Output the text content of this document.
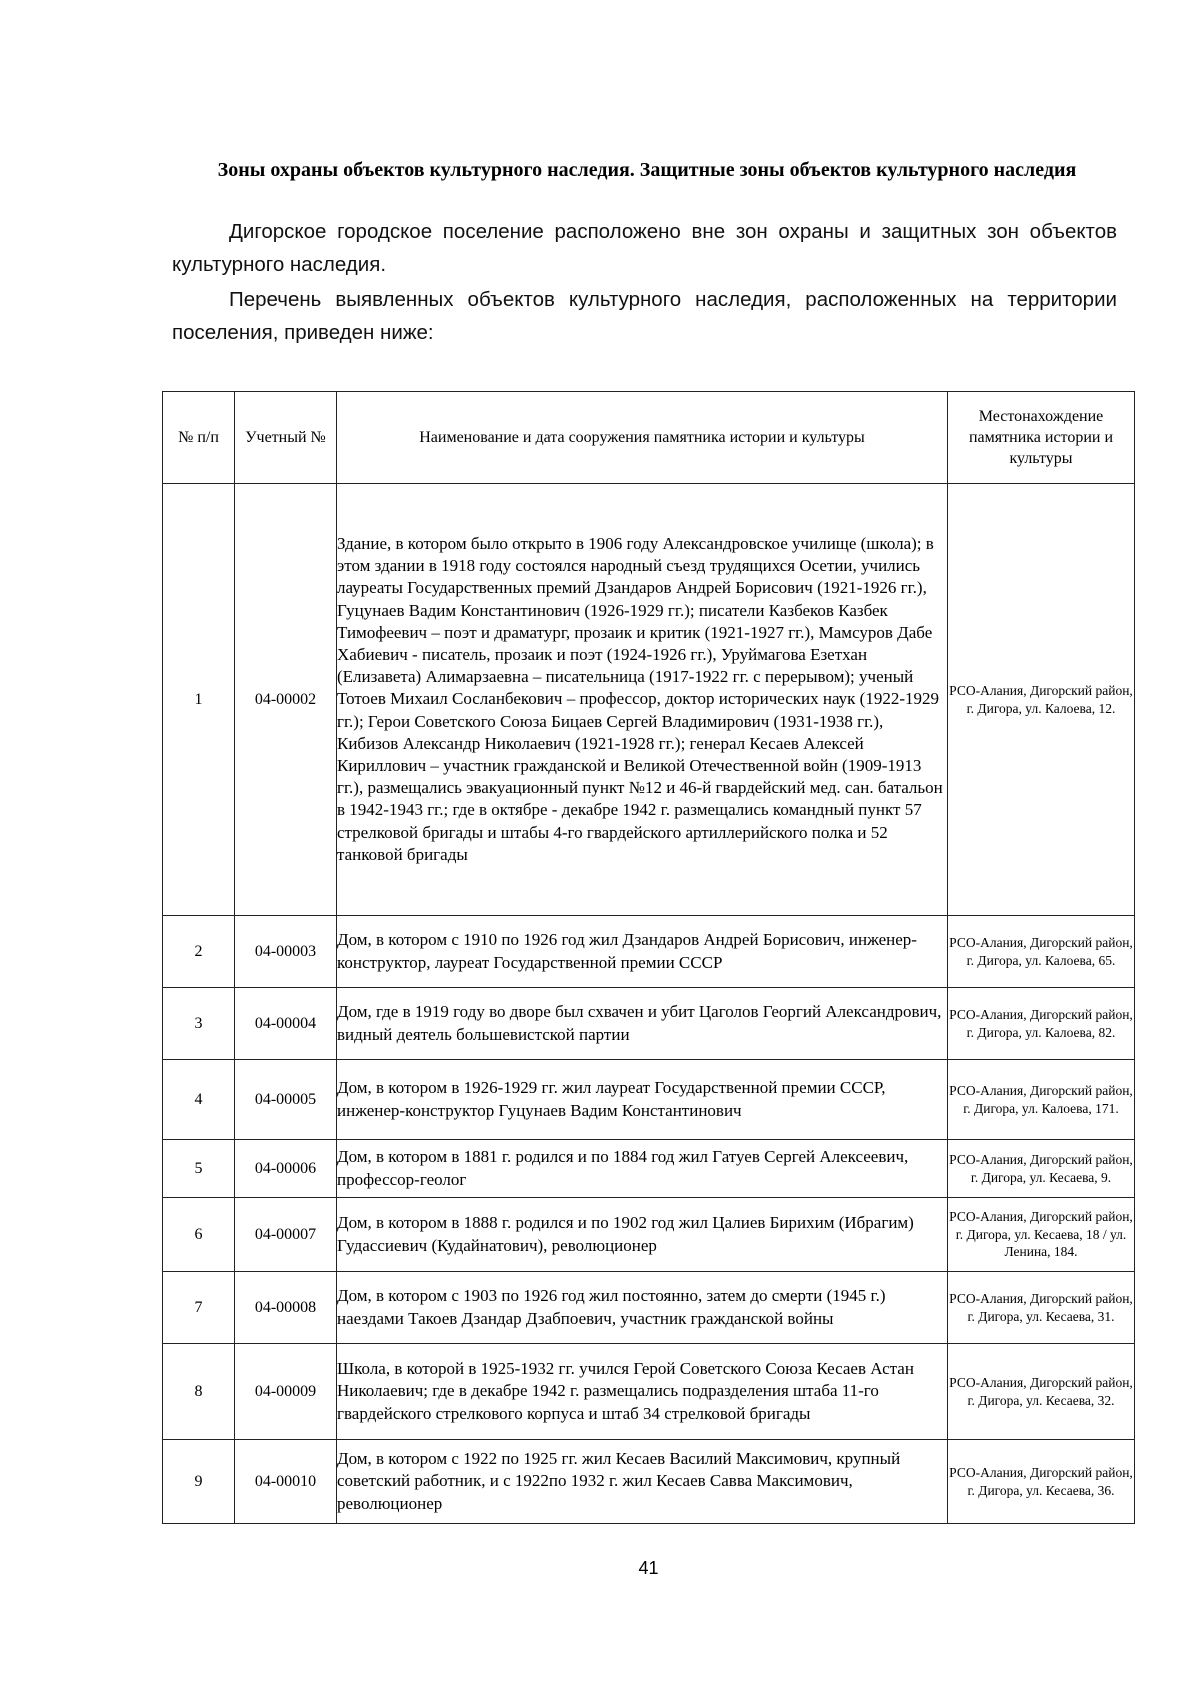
Зоны охраны объектов культурного наследия. Защитные зоны объектов культурного наследия

Дигорское городское поселение расположено вне зон охраны и защитных зон объектов культурного наследия.

Перечень выявленных объектов культурного наследия, расположенных на территории поселения, приведен ниже:

№ п/п	Учетный №	Наименование и дата сооружения памятника истории и культуры	Местонахождение памятника истории и культуры
1	04-00002	Здание, в котором было открыто в 1906 году Александровское училище (школа); в этом здании в 1918 году состоялся народный съезд трудящихся Осетии, учились лауреаты Государственных премий Дзандаров Андрей Борисович (1921-1926 гг.), Гуцунаев Вадим Константинович (1926-1929 гг.); писатели Казбеков Казбек Тимофеевич – поэт и драматург, прозаик и критик (1921-1927 гг.), Мамсуров Дабе Хабиевич - писатель, прозаик и поэт (1924-1926 гг.), Уруймагова Езетхан (Елизавета) Алимарзаевна – писательница (1917-1922 гг. с перерывом); ученый Тотоев Михаил Сосланбекович – профессор, доктор исторических наук (1922-1929 гг.); Герои Советского Союза Бицаев Сергей Владимирович (1931-1938 гг.), Кибизов Александр Николаевич (1921-1928 гг.); генерал Кесаев Алексей Кириллович – участник гражданской и Великой Отечественной войн (1909-1913 гг.), размещались эвакуационный пункт №12 и 46-й гвардейский мед. сан. батальон в 1942-1943 гг.; где в октябре - декабре 1942 г. размещались командный пункт 57 стрелковой бригады и штабы 4-го гвардейского артиллерийского полка и 52 танковой бригады	РСО-Алания, Дигорский район, г. Дигора, ул. Калоева, 12.
2	04-00003	Дом, в котором с 1910 по 1926 год жил Дзандаров Андрей Борисович, инженер-конструктор, лауреат Государственной премии СССР	РСО-Алания, Дигорский район, г. Дигора, ул. Калоева, 65.
3	04-00004	Дом, где в 1919 году во дворе был схвачен и убит Цаголов Георгий Александрович, видный деятель большевистской партии	РСО-Алания, Дигорский район, г. Дигора, ул. Калоева, 82.
4	04-00005	Дом, в котором в 1926-1929 гг. жил лауреат Государственной премии СССР, инженер-конструктор Гуцунаев Вадим Константинович	РСО-Алания, Дигорский район, г. Дигора, ул. Калоева, 171.
5	04-00006	Дом, в котором в 1881 г. родился и по 1884 год жил Гатуев Сергей Алексеевич, профессор-геолог	РСО-Алания, Дигорский район, г. Дигора, ул. Кесаева, 9.
6	04-00007	Дом, в котором в 1888 г. родился и по 1902 год жил Цалиев Бирихим (Ибрагим) Гудассиевич (Кудайнатович), революционер	РСО-Алания, Дигорский район, г. Дигора, ул. Кесаева, 18 / ул. Ленина, 184.
7	04-00008	Дом, в котором с 1903 по 1926 год жил постоянно, затем до смерти (1945 г.) наездами Такоев Дзандар Дзабпоевич, участник гражданской войны	РСО-Алания, Дигорский район, г. Дигора, ул. Кесаева, 31.
8	04-00009	Школа, в которой в 1925-1932 гг. учился Герой Советского Союза Кесаев Астан Николаевич; где в декабре 1942 г. размещались подразделения штаба 11-го гвардейского стрелкового корпуса и штаб 34 стрелковой бригады	РСО-Алания, Дигорский район, г. Дигора, ул. Кесаева, 32.
9	04-00010	Дом, в котором с 1922 по 1925 гг. жил Кесаев Василий Максимович, крупный советский работник, и с 1922по 1932 г. жил Кесаев Савва Максимович, революционер	РСО-Алания, Дигорский район, г. Дигора, ул. Кесаева, 36.
41
